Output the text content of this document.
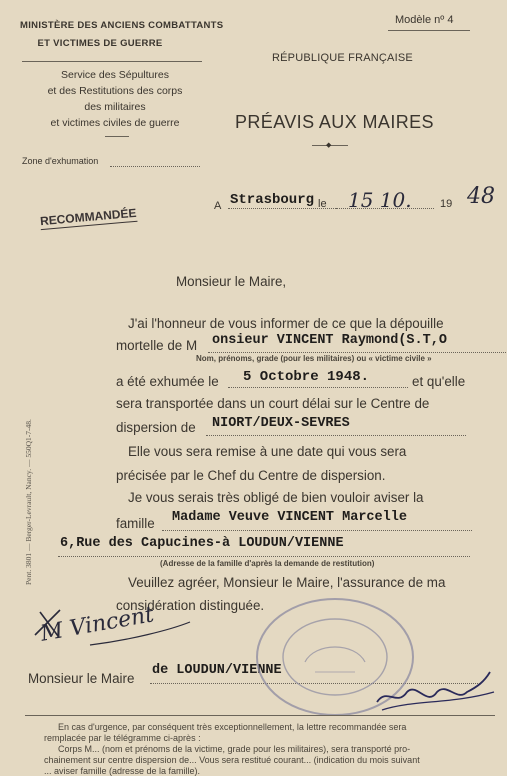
MINISTÈRE DES ANCIENS COMBATTANTS
ET VICTIMES DE GUERRE
Service des Sépultures
et des Restitutions des corps
des militaires
et victimes civiles de guerre
Zone d'exhumation
Modèle nº 4
RÉPUBLIQUE FRANÇAISE
PRÉAVIS AUX MAIRES
◆
RECOMMANDÉE	A Strasbourg le 15 10.	19 48
Monsieur le Maire,
J'ai l'honneur de vous informer de ce que la dépouille
mortelle de M onsieur VINCENT Raymond(S.T,O
Nom, prénoms, grade (pour les militaires) ou « victime civile »
a été exhumée le 5 Octobre 1948.	et qu'elle
sera transportée dans un court délai sur le Centre de
dispersion de NIORT/DEUX-SEVRES
Elle vous sera remise à une date qui vous sera
précisée par le Chef du Centre de dispersion.
Je vous serais très obligé de bien vouloir aviser la
famille Madame Veuve VINCENT Marcelle
6,Rue des Capucines-à LOUDUN/VIENNE
(Adresse de la famille d'après la demande de restitution)
Veuillez agréer, Monsieur le Maire, l'assurance de ma
considération distinguée.
M Vincent
Monsieur le Maire
de LOUDUN/VIENNE
Pent. 3801 — Berger-Levrault, Nancy. — 550Q1-7-48.
En cas d'urgence, par conséquent très exceptionnellement, la lettre recommandée sera
remplacée par le télégramme ci-après :
Corps M... (nom et prénoms de la victime, grade pour les militaires), sera transporté pro-
chainement sur centre dispersion de... Vous sera restitué courant... (indication du mois suivant
... aviser famille (adresse de la famille).
